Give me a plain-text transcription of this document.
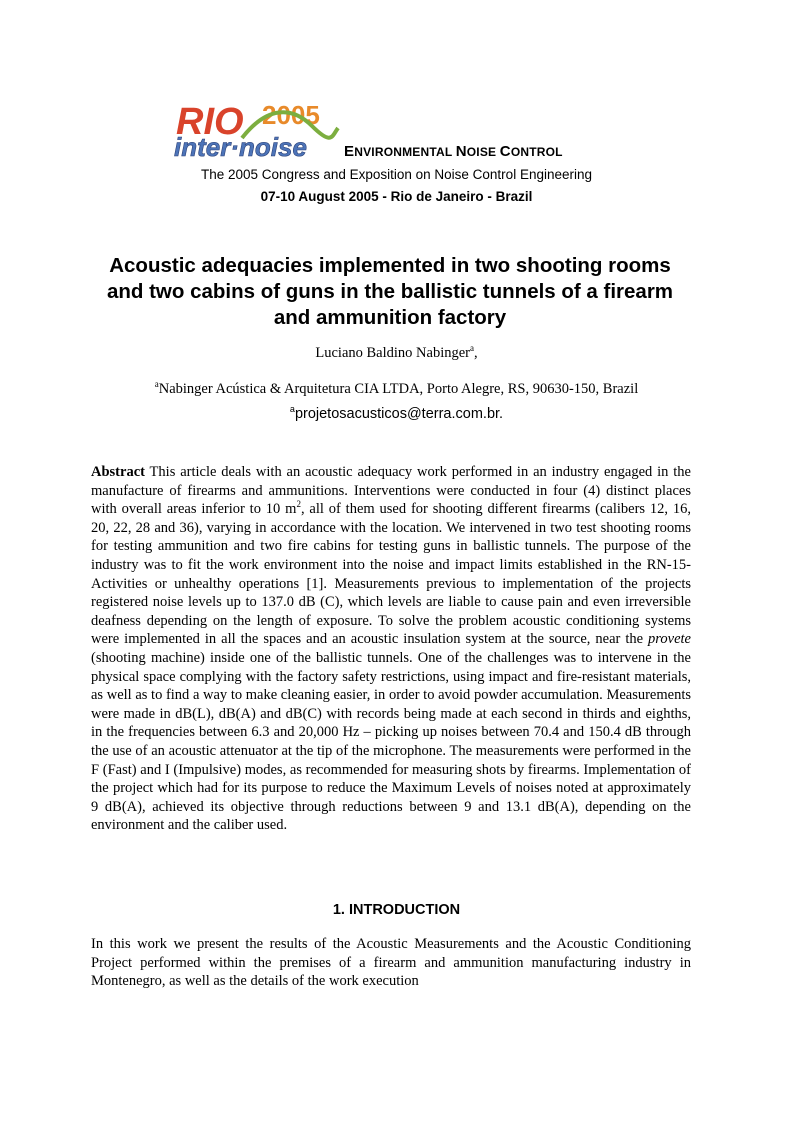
RIO 2005
inter·noise ENVIRONMENTAL NOISE CONTROL
The 2005 Congress and Exposition on Noise Control Engineering
07-10 August 2005 - Rio de Janeiro - Brazil
Acoustic adequacies implemented in two shooting rooms and two cabins of guns in the ballistic tunnels of a firearm and ammunition factory
Luciano Baldino Nabinger$^a$,
$^a$Nabinger Acústica & Arquitetura CIA LTDA, Porto Alegre, RS, 90630-150, Brazil
$^a$projetosacusticos@terra.com.br.
Abstract This article deals with an acoustic adequacy work performed in an industry engaged in the manufacture of firearms and ammunitions. Interventions were conducted in four (4) distinct places with overall areas inferior to 10 $m^2$, all of them used for shooting different firearms (calibers 12, 16, 20, 22, 28 and 36), varying in accordance with the location. We intervened in two test shooting rooms for testing ammunition and two fire cabins for testing guns in ballistic tunnels. The purpose of the industry was to fit the work environment into the noise and impact limits established in the RN-15-Activities or unhealthy operations [1]. Measurements previous to implementation of the projects registered noise levels up to 137.0 dB (C), which levels are liable to cause pain and even irreversible deafness depending on the length of exposure. To solve the problem acoustic conditioning systems were implemented in all the spaces and an acoustic insulation system at the source, near the provete (shooting machine) inside one of the ballistic tunnels. One of the challenges was to intervene in the physical space complying with the factory safety restrictions, using impact and fire-resistant materials, as well as to find a way to make cleaning easier, in order to avoid powder accumulation. Measurements were made in dB(L), dB(A) and dB(C) with records being made at each second in thirds and eighths, in the frequencies between 6.3 and 20,000 Hz – picking up noises between 70.4 and 150.4 dB through the use of an acoustic attenuator at the tip of the microphone. The measurements were performed in the F (Fast) and I (Impulsive) modes, as recommended for measuring shots by firearms. Implementation of the project which had for its purpose to reduce the Maximum Levels of noises noted at approximately 9 dB(A), achieved its objective through reductions between 9 and 13.1 dB(A), depending on the environment and the caliber used.
1. INTRODUCTION
In this work we present the results of the Acoustic Measurements and the Acoustic Conditioning Project performed within the premises of a firearm and ammunition manufacturing industry in Montenegro, as well as the details of the work execution
